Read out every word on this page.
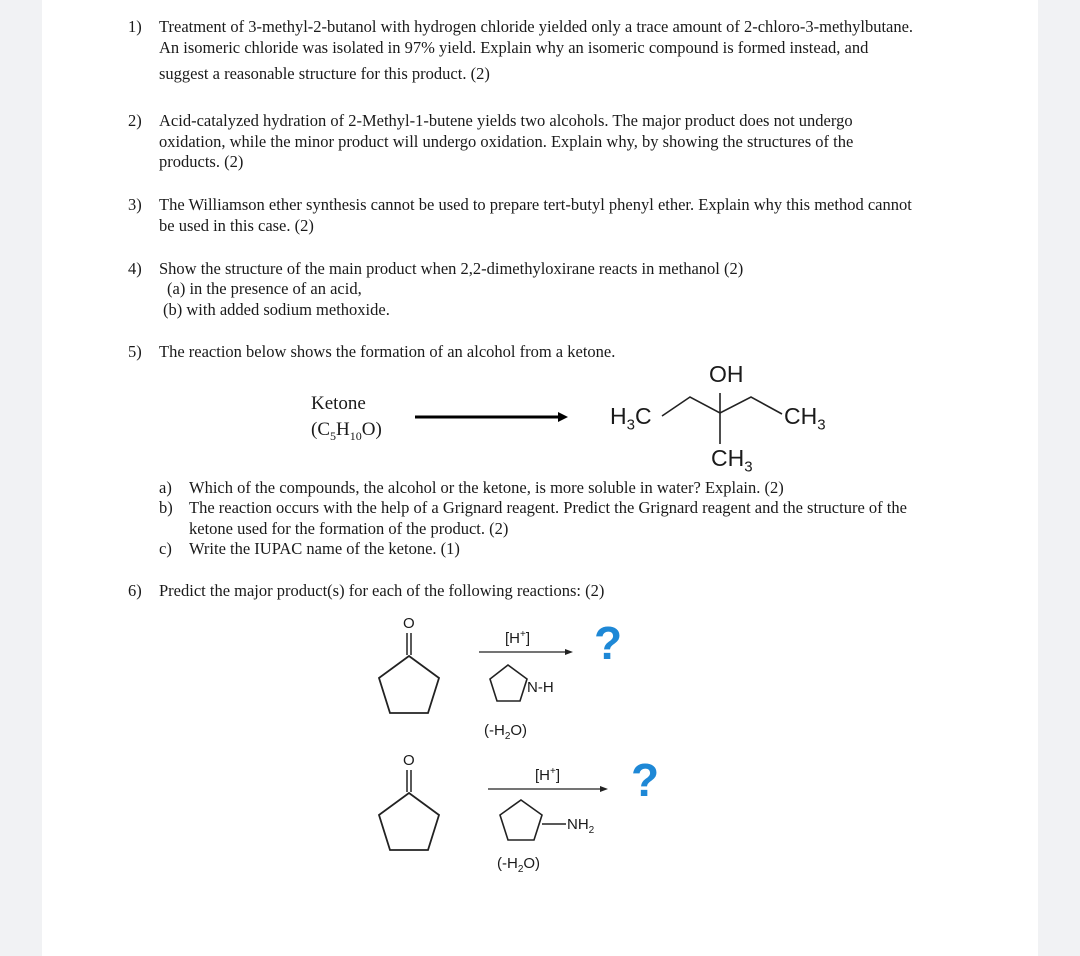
1)	Treatment of 3-methyl-2-butanol with hydrogen chloride yielded only a trace amount of 2-chloro-3-methylbutane.
An isomeric chloride was isolated in 97% yield. Explain why an isomeric compound is formed instead, and
suggest a reasonable structure for this product. (2)
2)	Acid-catalyzed hydration of 2-Methyl-1-butene yields two alcohols. The major product does not undergo
oxidation, while the minor product will undergo oxidation. Explain why, by showing the structures of the
products. (2)
3)	The Williamson ether synthesis cannot be used to prepare tert-butyl phenyl ether. Explain why this method cannot
be used in this case. (2)
4)	Show the structure of the main product when 2,2-dimethyloxirane reacts in methanol (2)
(a) in the presence of an acid,
(b) with added sodium methoxide.
5)	The reaction below shows the formation of an alcohol from a ketone.
Ketone
$(C_5H_{10}O)$
OH
$H_3C$	$CH_3$
$CH_3$
a) Which of the compounds, the alcohol or the ketone, is more soluble in water? Explain. (2)
b) The reaction occurs with the help of a Grignard reagent. Predict the Grignard reagent and the structure of the
ketone used for the formation of the product. (2)
c) Write the IUPAC name of the ketone. (1)
6)	Predict the major product(s) for each of the following reactions: (2)
O
[H+]
N-H
$(-H_2O)$
?
O
[H+]
$NH_2$
$(-H_2O)$
?
